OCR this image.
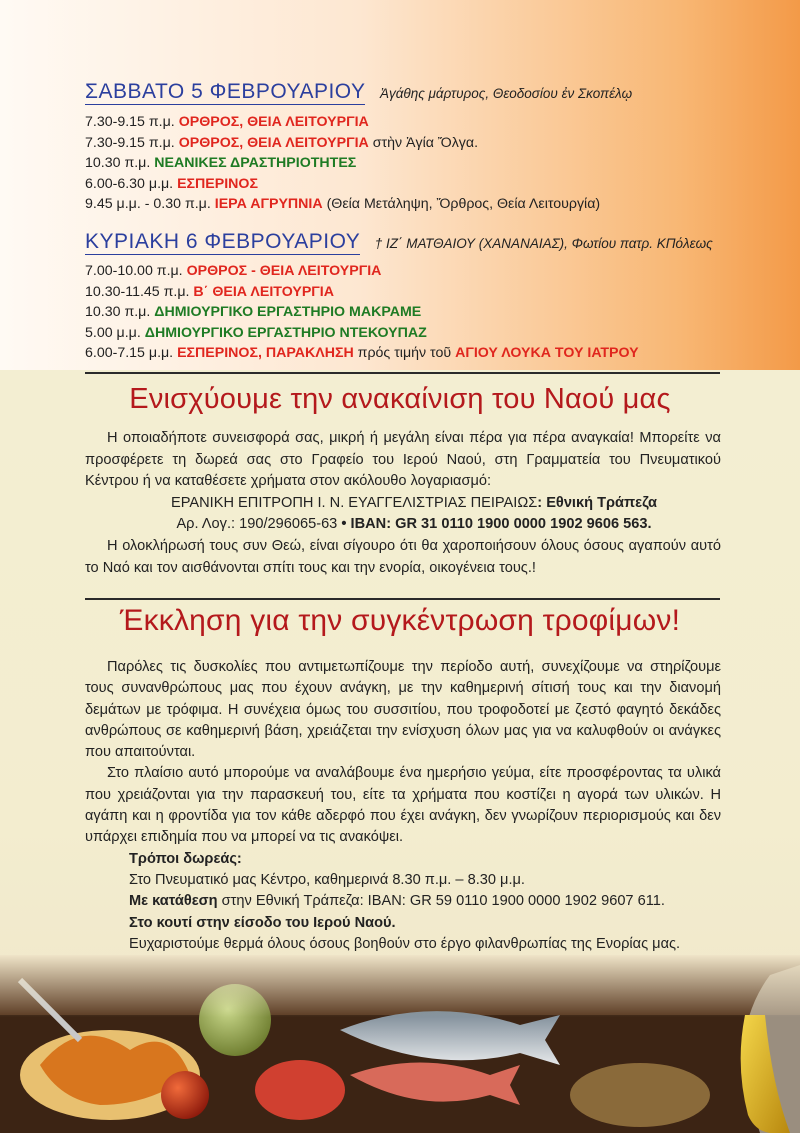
ΣΑΒΒΑΤΟ 5 ΦΕΒΡΟΥΑΡΙΟΥ Ἀγάθης μάρτυρος, Θεοδοσίου ἐν Σκοπέλῳ
7.30-9.15 π.μ. ΟΡΘΡΟΣ, ΘΕΙΑ ΛΕΙΤΟΥΡΓΙΑ
7.30-9.15 π.μ. ΟΡΘΡΟΣ, ΘΕΙΑ ΛΕΙΤΟΥΡΓΙΑ στὴν Ἁγία Ὄλγα.
10.30 π.μ. ΝΕΑΝΙΚΕΣ ΔΡΑΣΤΗΡΙΟΤΗΤΕΣ
6.00-6.30 μ.μ. ΕΣΠΕΡΙΝΟΣ
9.45 μ.μ. - 0.30 π.μ. ΙΕΡΑ ΑΓΡΥΠΝΙΑ (Θεία Μετάληψη, Ὄρθρος, Θεία Λειτουργία)
ΚΥΡΙΑΚΗ 6 ΦΕΒΡΟΥΑΡΙΟΥ † ΙΖ΄ ΜΑΤΘΑΙΟΥ (ΧΑΝΑΝΑΙΑΣ), Φωτίου πατρ. ΚΠόλεως
7.00-10.00 π.μ. ΟΡΘΡΟΣ - ΘΕΙΑ ΛΕΙΤΟΥΡΓΙΑ
10.30-11.45 π.μ. Β΄ ΘΕΙΑ ΛΕΙΤΟΥΡΓΙΑ
10.30 π.μ. ΔΗΜΙΟΥΡΓΙΚΟ ΕΡΓΑΣΤΗΡΙΟ ΜΑΚΡΑΜΕ
5.00 μ.μ. ΔΗΜΙΟΥΡΓΙΚΟ ΕΡΓΑΣΤΗΡΙΟ ΝΤΕΚΟΥΠΑΖ
6.00-7.15 μ.μ. ΕΣΠΕΡΙΝΟΣ, ΠΑΡΑΚΛΗΣΗ πρός τιμήν τοῦ ΑΓΙΟΥ ΛΟΥΚΑ ΤΟΥ ΙΑΤΡΟΥ
Ενισχύουμε την ανακαίνιση του Ναού μας

Η οποιαδήποτε συνεισφορά σας, μικρή ή μεγάλη είναι πέρα για πέρα αναγκαία! Μπορείτε να προσφέρετε τη δωρεά σας στο Γραφείο του Ιερού Ναού, στη Γραμματεία του Πνευματικού Κέντρου ή να καταθέσετε χρήματα στον ακόλουθο λογαριασμό:

ΕΡΑΝΙΚΗ ΕΠΙΤΡΟΠΗ Ι. Ν. ΕΥΑΓΓΕΛΙΣΤΡΙΑΣ ΠΕΙΡΑΙΩΣ: Εθνική Τράπεζα

Αρ. Λογ.: 190/296065-63 • IBAN: GR 31 0110 1900 0000 1902 9606 563.

Η ολοκλήρωσή τους συν Θεώ, είναι σίγουρο ότι θα χαροποιήσουν όλους όσους αγαπούν αυτό το Ναό και τον αισθάνονται σπίτι τους και την ενορία, οικογένεια τους.!

Έκκληση για την συγκέντρωση τροφίμων!

Παρόλες τις δυσκολίες που αντιμετωπίζουμε την περίοδο αυτή, συνεχίζουμε να στηρίζουμε τους συνανθρώπους μας που έχουν ανάγκη, με την καθημερινή σίτισή τους και την διανομή δεμάτων με τρόφιμα. Η συνέχεια όμως του συσσιτίου, που τροφοδοτεί με ζεστό φαγητό δεκάδες ανθρώπους σε καθημερινή βάση, χρειάζεται την ενίσχυση όλων μας για να καλυφθούν οι ανάγκες που απαιτούνται.

Στο πλαίσιο αυτό μπορούμε να αναλάβουμε ένα ημερήσιο γεύμα, είτε προσφέροντας τα υλικά που χρειάζονται για την παρασκευή του, είτε τα χρήματα που κοστίζει η αγορά των υλικών. Η αγάπη και η φροντίδα για τον κάθε αδερφό που έχει ανάγκη, δεν γνωρίζουν περιορισμούς και δεν υπάρχει επιδημία που να μπορεί να τις ανακόψει.

Τρόποι δωρεάς:

Στο Πνευματικό μας Κέντρο, καθημερινά 8.30 π.μ. – 8.30 μ.μ.

Με κατάθεση στην Εθνική Τράπεζα: IBAN: GR 59 0110 1900 0000 1902 9607 611.

Στο κουτί στην είσοδο του Ιερού Ναού.

Ευχαριστούμε θερμά όλους όσους βοηθούν στο έργο φιλανθρωπίας της Ενορίας μας.
